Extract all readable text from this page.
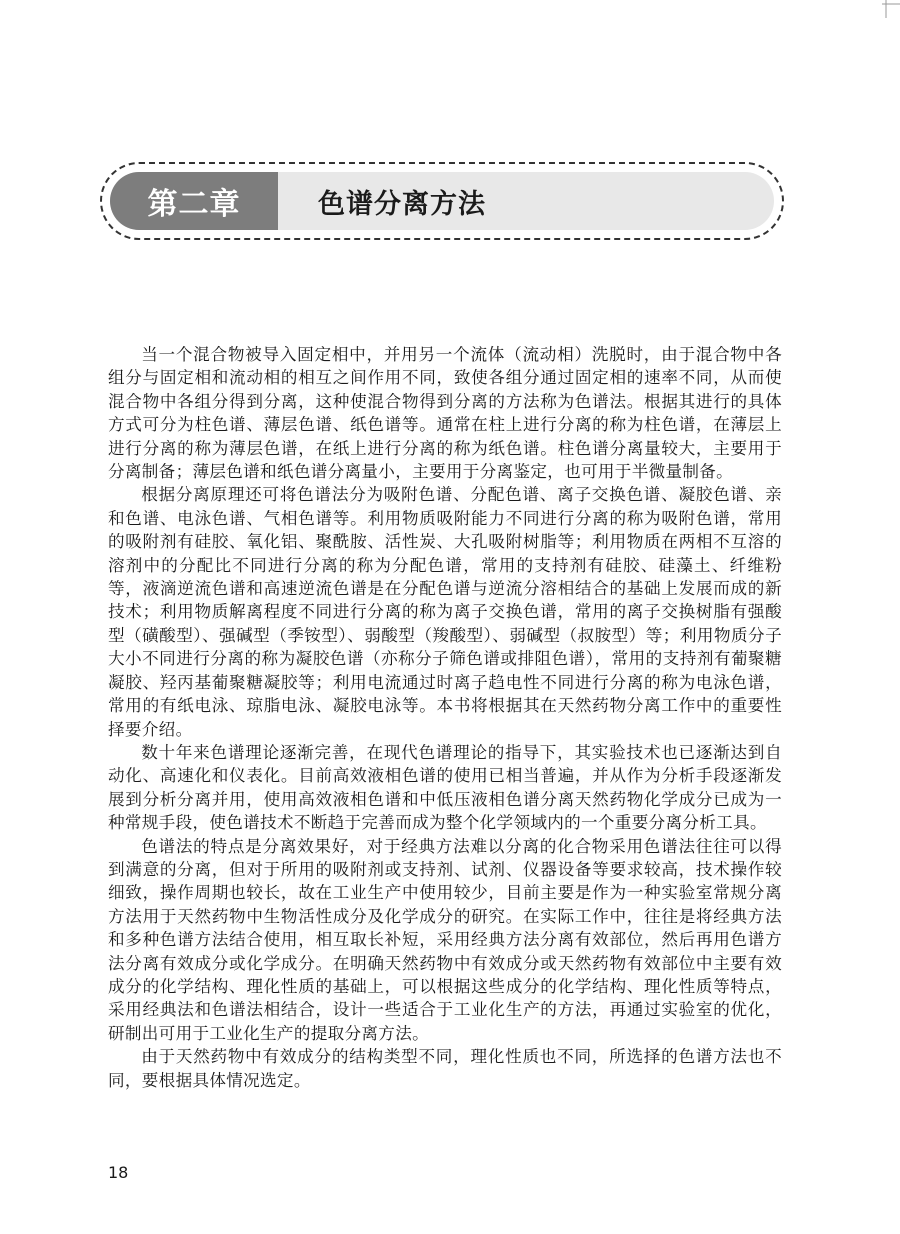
第二章	色谱分离方法

当一个混合物被导入固定相中，并用另一个流体（流动相）洗脱时，由于混合物中各组分与固定相和流动相的相互之间作用不同，致使各组分通过固定相的速率不同，从而使混合物中各组分得到分离，这种使混合物得到分离的方法称为色谱法。根据其进行的具体方式可分为柱色谱、薄层色谱、纸色谱等。通常在柱上进行分离的称为柱色谱，在薄层上进行分离的称为薄层色谱，在纸上进行分离的称为纸色谱。柱色谱分离量较大，主要用于分离制备；薄层色谱和纸色谱分离量小，主要用于分离鉴定，也可用于半微量制备。

根据分离原理还可将色谱法分为吸附色谱、分配色谱、离子交换色谱、凝胶色谱、亲和色谱、电泳色谱、气相色谱等。利用物质吸附能力不同进行分离的称为吸附色谱，常用的吸附剂有硅胶、氧化铝、聚酰胺、活性炭、大孔吸附树脂等；利用物质在两相不互溶的溶剂中的分配比不同进行分离的称为分配色谱，常用的支持剂有硅胶、硅藻土、纤维粉等，液滴逆流色谱和高速逆流色谱是在分配色谱与逆流分溶相结合的基础上发展而成的新技术；利用物质解离程度不同进行分离的称为离子交换色谱，常用的离子交换树脂有强酸型（磺酸型）、强碱型（季铵型）、弱酸型（羧酸型）、弱碱型（叔胺型）等；利用物质分子大小不同进行分离的称为凝胶色谱（亦称分子筛色谱或排阻色谱），常用的支持剂有葡聚糖凝胶、羟丙基葡聚糖凝胶等；利用电流通过时离子趋电性不同进行分离的称为电泳色谱，常用的有纸电泳、琼脂电泳、凝胶电泳等。本书将根据其在天然药物分离工作中的重要性择要介绍。

数十年来色谱理论逐渐完善，在现代色谱理论的指导下，其实验技术也已逐渐达到自动化、高速化和仪表化。目前高效液相色谱的使用已相当普遍，并从作为分析手段逐渐发展到分析分离并用，使用高效液相色谱和中低压液相色谱分离天然药物化学成分已成为一种常规手段，使色谱技术不断趋于完善而成为整个化学领域内的一个重要分离分析工具。

色谱法的特点是分离效果好，对于经典方法难以分离的化合物采用色谱法往往可以得到满意的分离，但对于所用的吸附剂或支持剂、试剂、仪器设备等要求较高，技术操作较细致，操作周期也较长，故在工业生产中使用较少，目前主要是作为一种实验室常规分离方法用于天然药物中生物活性成分及化学成分的研究。在实际工作中，往往是将经典方法和多种色谱方法结合使用，相互取长补短，采用经典方法分离有效部位，然后再用色谱方法分离有效成分或化学成分。在明确天然药物中有效成分或天然药物有效部位中主要有效成分的化学结构、理化性质的基础上，可以根据这些成分的化学结构、理化性质等特点，采用经典法和色谱法相结合，设计一些适合于工业化生产的方法，再通过实验室的优化，研制出可用于工业化生产的提取分离方法。

由于天然药物中有效成分的结构类型不同，理化性质也不同，所选择的色谱方法也不同，要根据具体情况选定。

18
